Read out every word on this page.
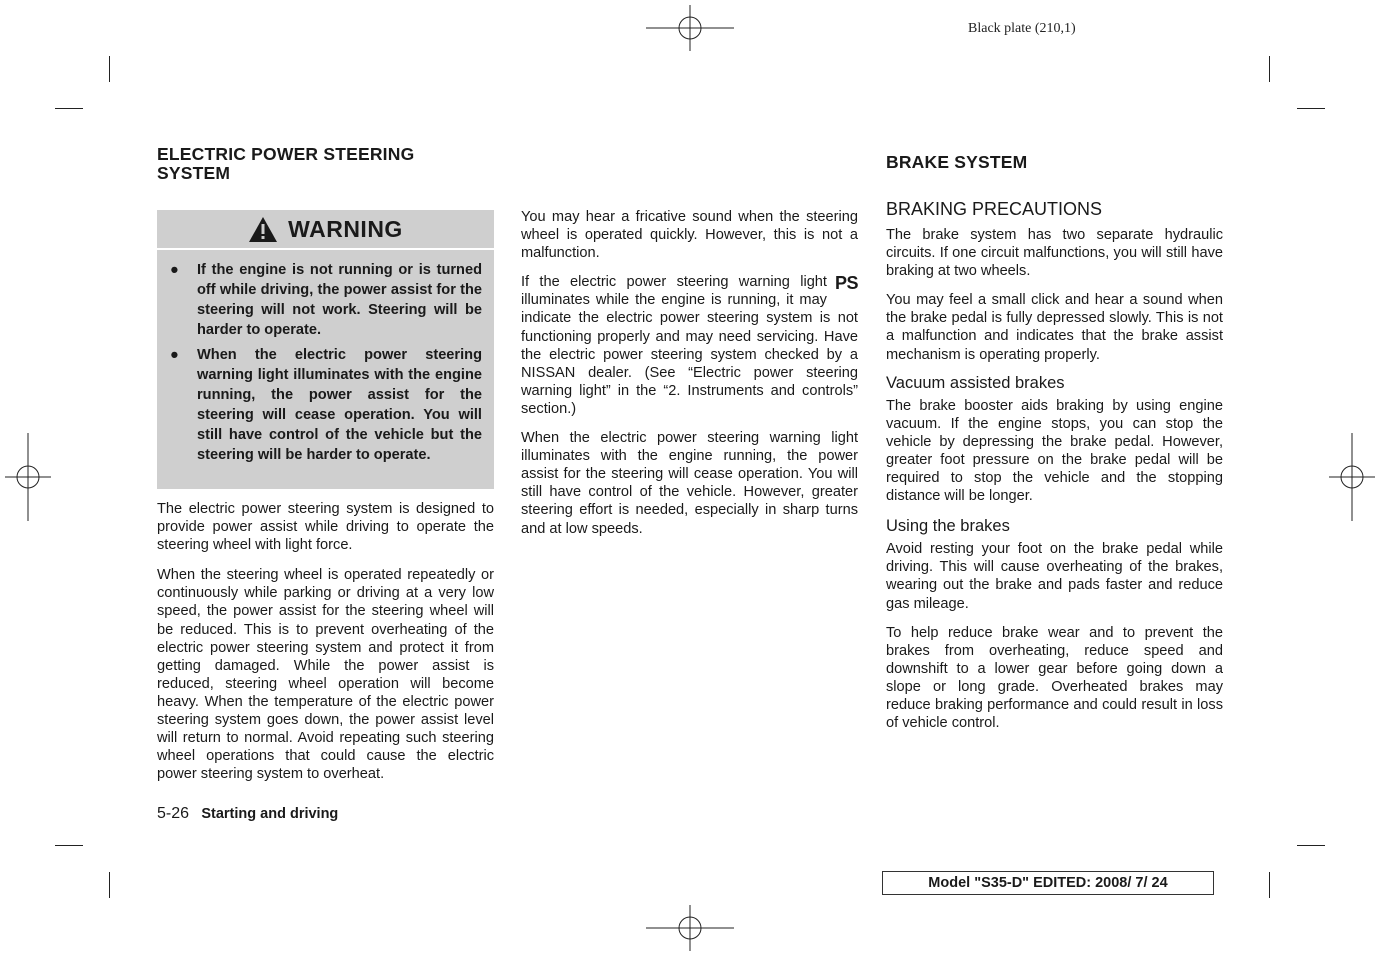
Black plate (210,1)
ELECTRIC POWER STEERING
SYSTEM
WARNING
● If the engine is not running or is turned off while driving, the power assist for the steering will not work. Steering will be harder to operate.
● When the electric power steering warning light illuminates with the engine running, the power assist for the steering will cease operation. You will still have control of the vehicle but the steering will be harder to operate.

The electric power steering system is designed to provide power assist while driving to operate the steering wheel with light force.

When the steering wheel is operated repeatedly or continuously while parking or driving at a very low speed, the power assist for the steering wheel will be reduced. This is to prevent overheating of the electric power steering system and protect it from getting damaged. While the power assist is reduced, steering wheel operation will become heavy. When the temperature of the electric power steering system goes down, the power assist level will return to normal. Avoid repeating such steering wheel operations that could cause the electric power steering system to overheat.

You may hear a fricative sound when the steering wheel is operated quickly. However, this is not a malfunction.

PS
If the electric power steering warning light illuminates while the engine is running, it may indicate the electric power steering system is not functioning properly and may need servicing. Have the electric power steering system checked by a NISSAN dealer. (See “Electric power steering warning light” in the “2. Instruments and controls” section.)

When the electric power steering warning light illuminates with the engine running, the power assist for the steering will cease operation. You will still have control of the vehicle. However, greater steering effort is needed, especially in sharp turns and at low speeds.

BRAKE SYSTEM
BRAKING PRECAUTIONS

The brake system has two separate hydraulic circuits. If one circuit malfunctions, you will still have braking at two wheels.

You may feel a small click and hear a sound when the brake pedal is fully depressed slowly. This is not a malfunction and indicates that the brake assist mechanism is operating properly.

Vacuum assisted brakes

The brake booster aids braking by using engine vacuum. If the engine stops, you can stop the vehicle by depressing the brake pedal. However, greater foot pressure on the brake pedal will be required to stop the vehicle and the stopping distance will be longer.

Using the brakes

Avoid resting your foot on the brake pedal while driving. This will cause overheating of the brakes, wearing out the brake and pads faster and reduce gas mileage.

To help reduce brake wear and to prevent the brakes from overheating, reduce speed and downshift to a lower gear before going down a slope or long grade. Overheated brakes may reduce braking performance and could result in loss of vehicle control.

5-26 Starting and driving
Model "S35-D" EDITED: 2008/ 7/ 24
